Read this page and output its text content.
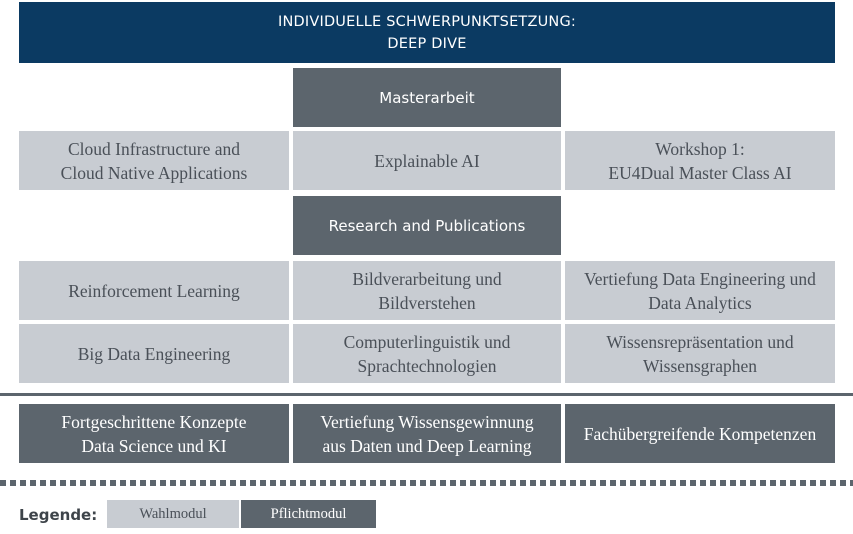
INDIVIDUELLE SCHWERPUNKTSETZUNG:
DEEP DIVE
Masterarbeit
Cloud Infrastructure and
Cloud Native Applications
Explainable AI
Workshop 1:
EU4Dual Master Class AI
Research and Publications
Reinforcement Learning
Bildverarbeitung und
Bildverstehen
Vertiefung Data Engineering und
Data Analytics
Big Data Engineering
Computerlinguistik und
Sprachtechnologien
Wissensrepräsentation und
Wissensgraphen
Fortgeschrittene Konzepte
Data Science und KI
Vertiefung Wissensgewinnung
aus Daten und Deep Learning
Fachübergreifende Kompetenzen
Legende:	Wahlmodul	Pflichtmodul
